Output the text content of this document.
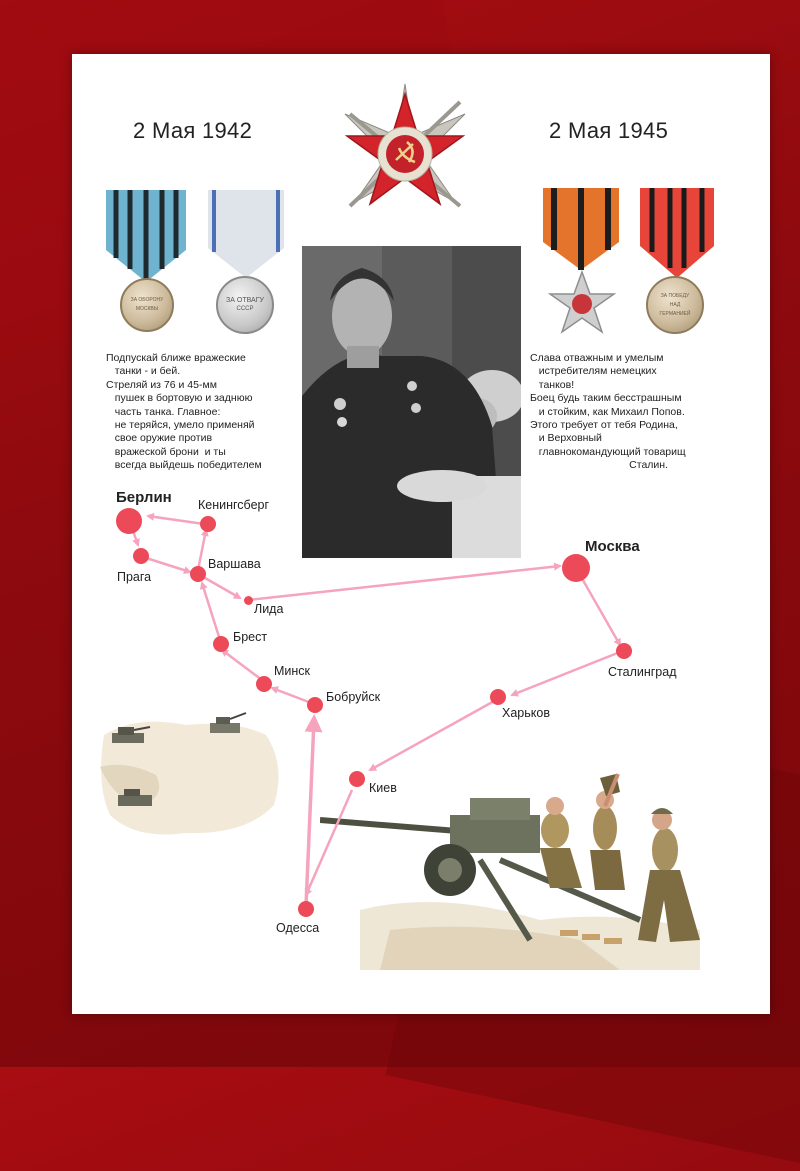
2 Мая 1942	2 Мая 1945
ЗА ОБОРОНУ МОСКВЫ
ЗА ОТВАГУ
СССР
ЗА ПОБЕДУ НАД ГЕРМАНИЕЙ
Подпускай ближе вражеские
танки - и бей.
Стреляй из 76 и 45-мм
пушек в бортовую и заднюю
часть танка. Главное:
не теряйся, умело применяй
свое оружие против
вражеской брони  и ты
всегда выйдешь победителем
Слава отважным и умелым
истребителям немецких
танков!
Боец будь таким бесстрашным
и стойким, как Михаил Попов.
Этого требует от тебя Родина,
и Верховный
главнокомандующий товарищ
Сталин.
Берлин Кенингсберг
Прага
Варшава
Лида
Москва
Брест
Минск	Сталинград
Бобруйск
Харьков
Киев
Одесса
